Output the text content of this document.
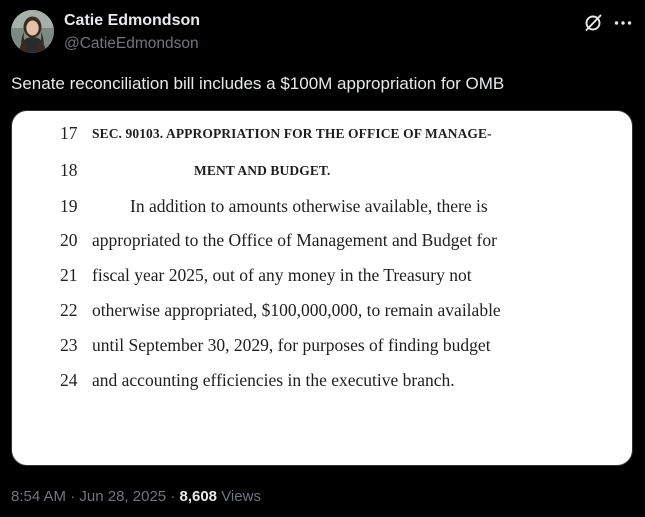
Catie Edmondson
@CatieEdmondson
Senate reconciliation bill includes a $100M appropriation for OMB
17 SEC. 90103. APPROPRIATION FOR THE OFFICE OF MANAGE-
18	MENT AND BUDGET.
19	In addition to amounts otherwise available, there is
20 appropriated to the Office of Management and Budget for
21 fiscal year 2025, out of any money in the Treasury not
22 otherwise appropriated, $100,000,000, to remain available
23 until September 30, 2029, for purposes of finding budget
24 and accounting efficiencies in the executive branch.
8:54 AM · Jun 28, 2025 · 8,608 Views
